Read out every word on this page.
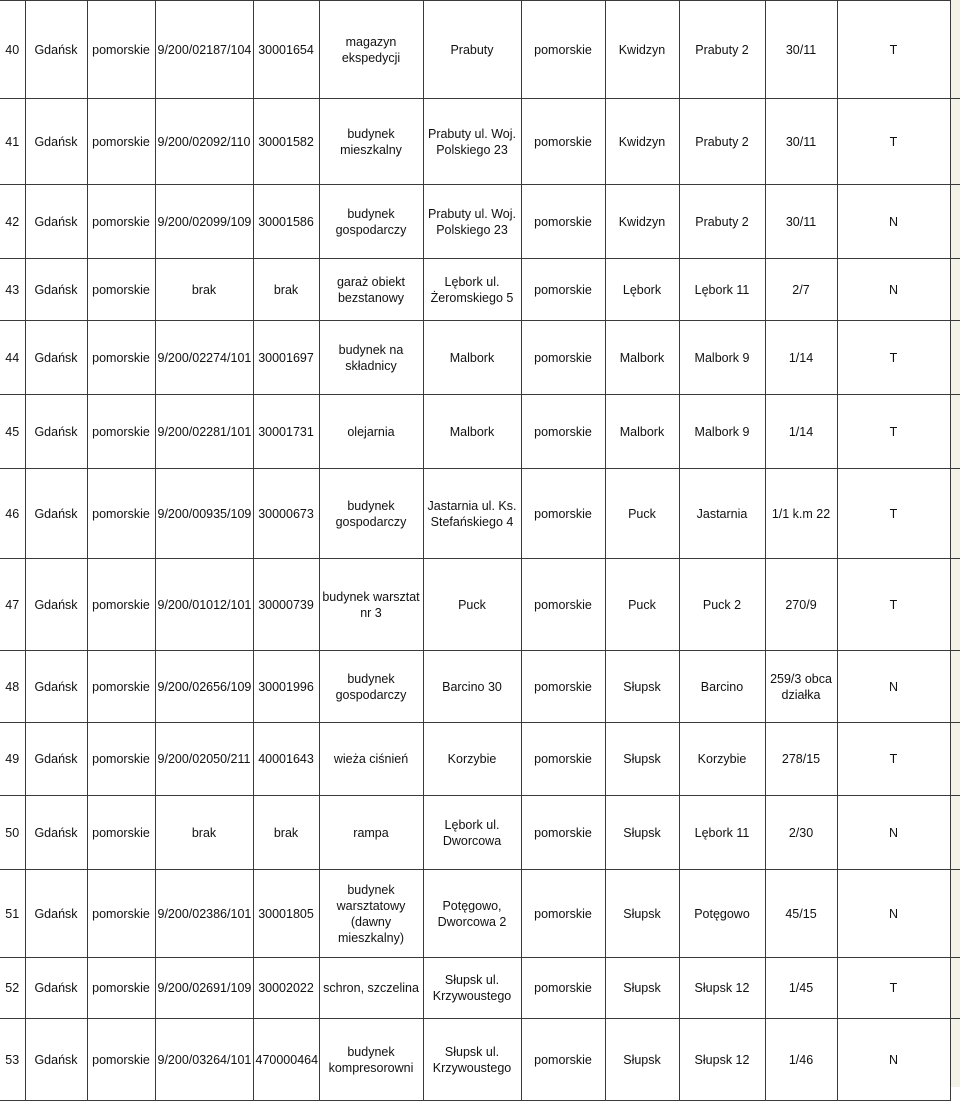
40	Gdańsk	pomorskie	9/200/02187/104	30001654	magazyn ekspedycji	Prabuty	pomorskie	Kwidzyn	Prabuty 2	30/11	T
41	Gdańsk	pomorskie	9/200/02092/110	30001582	budynek mieszkalny	Prabuty ul. Woj. Polskiego 23	pomorskie	Kwidzyn	Prabuty 2	30/11	T
42	Gdańsk	pomorskie	9/200/02099/109	30001586	budynek gospodarczy	Prabuty ul. Woj. Polskiego 23	pomorskie	Kwidzyn	Prabuty 2	30/11	N
43	Gdańsk	pomorskie	brak	brak	garaż obiekt bezstanowy	Lębork ul. Żeromskiego 5	pomorskie	Lębork	Lębork 11	2/7	N
44	Gdańsk	pomorskie	9/200/02274/101	30001697	budynek na składnicy	Malbork	pomorskie	Malbork	Malbork 9	1/14	T
45	Gdańsk	pomorskie	9/200/02281/101	30001731	olejarnia	Malbork	pomorskie	Malbork	Malbork 9	1/14	T
46	Gdańsk	pomorskie	9/200/00935/109	30000673	budynek gospodarczy	Jastarnia ul. Ks. Stefańskiego 4	pomorskie	Puck	Jastarnia	1/1 k.m 22	T
47	Gdańsk	pomorskie	9/200/01012/101	30000739	budynek warsztat nr 3	Puck	pomorskie	Puck	Puck 2	270/9	T
48	Gdańsk	pomorskie	9/200/02656/109	30001996	budynek gospodarczy	Barcino 30	pomorskie	Słupsk	Barcino	259/3 obca działka	N
49	Gdańsk	pomorskie	9/200/02050/211	40001643	wieża ciśnień	Korzybie	pomorskie	Słupsk	Korzybie	278/15	T
50	Gdańsk	pomorskie	brak	brak	rampa	Lębork ul. Dworcowa	pomorskie	Słupsk	Lębork 11	2/30	N
51	Gdańsk	pomorskie	9/200/02386/101	30001805	budynek warsztatowy (dawny mieszkalny)	Potęgowo, Dworcowa 2	pomorskie	Słupsk	Potęgowo	45/15	N
52	Gdańsk	pomorskie	9/200/02691/109	30002022	schron, szczelina	Słupsk ul. Krzywoustego	pomorskie	Słupsk	Słupsk 12	1/45	T
53	Gdańsk	pomorskie	9/200/03264/101	470000464	budynek kompresorowni	Słupsk ul. Krzywoustego	pomorskie	Słupsk	Słupsk 12	1/46	N
